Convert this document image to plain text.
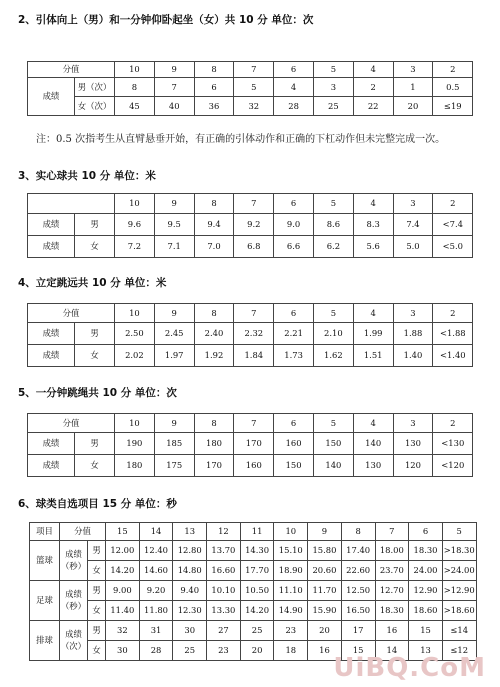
2、引体向上（男）和一分钟仰卧起坐（女）共 10 分 单位：次
分值		10	9	8	7	6	5	4	3	2
成绩	男（次）	8	7	6	5	4	3	2	1	0.5
	女（次）	45	40	36	32	28	25	22	20	≤19
注：0.5 次指考生从直臂悬垂开始，有正确的引体动作和正确的下杠动作但未完整完成一次。
3、实心球共 10 分 单位：米
		10	9	8	7	6	5	4	3	2
成绩	男	9.6	9.5	9.4	9.2	9.0	8.6	8.3	7.4	<7.4
成绩	女	7.2	7.1	7.0	6.8	6.6	6.2	5.6	5.0	<5.0
4、立定跳远共 10 分 单位：米
分值		10	9	8	7	6	5	4	3	2
成绩	男	2.50	2.45	2.40	2.32	2.21	2.10	1.99	1.88	<1.88
成绩	女	2.02	1.97	1.92	1.84	1.73	1.62	1.51	1.40	<1.40
5、一分钟跳绳共 10 分 单位：次
分值		10	9	8	7	6	5	4	3	2
成绩	男	190	185	180	170	160	150	140	130	<130
成绩	女	180	175	170	160	150	140	130	120	<120
6、球类自选项目 15 分 单位：秒
项目	分值		15	14	13	12	11	10	9	8	7	6	5
篮球	成绩（秒）	男	12.00	12.40	12.80	13.70	14.30	15.10	15.80	17.40	18.00	18.30	>18.30
		女	14.20	14.60	14.80	16.60	17.70	18.90	20.60	22.60	23.70	24.00	>24.00
足球	成绩（秒）	男	9.00	9.20	9.40	10.10	10.50	11.10	11.70	12.50	12.70	12.90	>12.90
		女	11.40	11.80	12.30	13.30	14.20	14.90	15.90	16.50	18.30	18.60	>18.60
排球	成绩（次）	男	32	31	30	27	25	23	20	17	16	15	≤14
		女	30	28	25	23	20	18	16	15	14	13	≤12
UiBQ.CoM
